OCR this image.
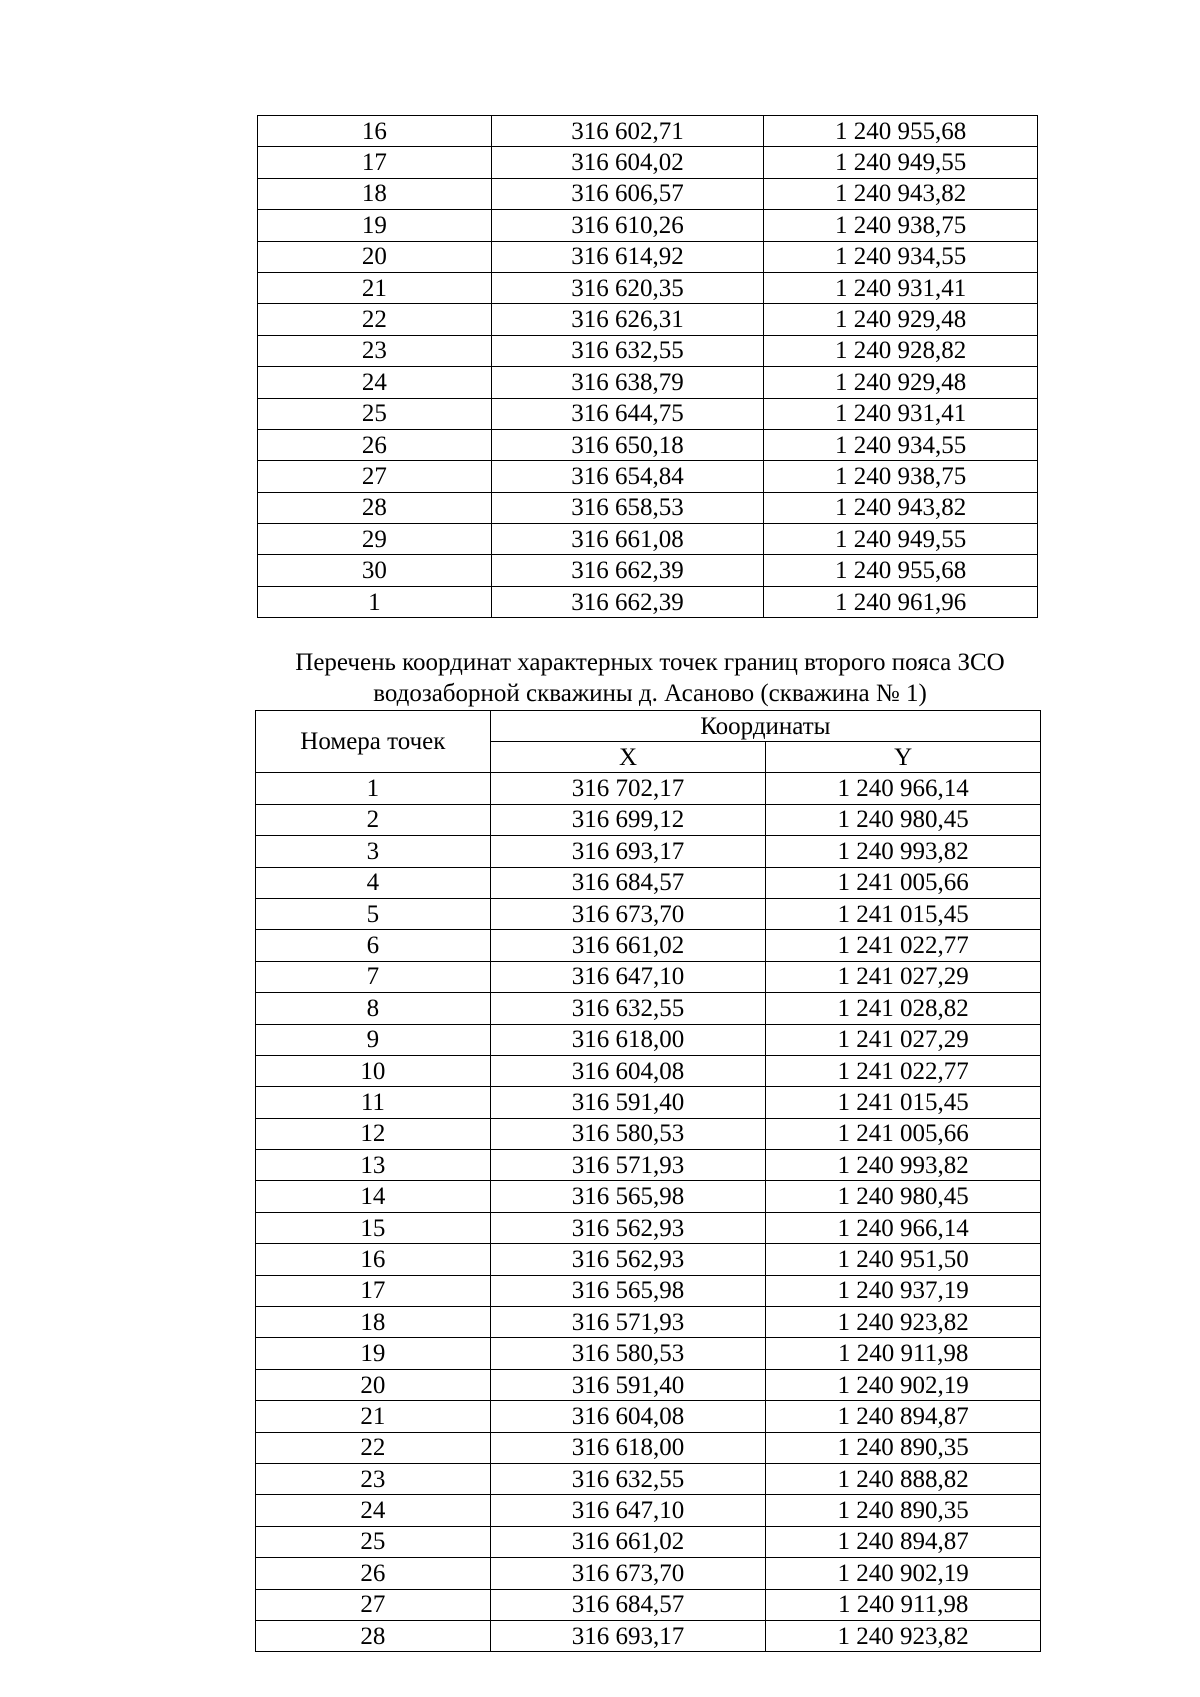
16	316 602,71	1 240 955,68
17	316 604,02	1 240 949,55
18	316 606,57	1 240 943,82
19	316 610,26	1 240 938,75
20	316 614,92	1 240 934,55
21	316 620,35	1 240 931,41
22	316 626,31	1 240 929,48
23	316 632,55	1 240 928,82
24	316 638,79	1 240 929,48
25	316 644,75	1 240 931,41
26	316 650,18	1 240 934,55
27	316 654,84	1 240 938,75
28	316 658,53	1 240 943,82
29	316 661,08	1 240 949,55
30	316 662,39	1 240 955,68
1	316 662,39	1 240 961,96
Перечень координат характерных точек границ второго пояса ЗСО
водозаборной скважины д. Асаново (скважина № 1)
Номера точек	Координаты	
	X	Y
1	316 702,17	1 240 966,14
2	316 699,12	1 240 980,45
3	316 693,17	1 240 993,82
4	316 684,57	1 241 005,66
5	316 673,70	1 241 015,45
6	316 661,02	1 241 022,77
7	316 647,10	1 241 027,29
8	316 632,55	1 241 028,82
9	316 618,00	1 241 027,29
10	316 604,08	1 241 022,77
11	316 591,40	1 241 015,45
12	316 580,53	1 241 005,66
13	316 571,93	1 240 993,82
14	316 565,98	1 240 980,45
15	316 562,93	1 240 966,14
16	316 562,93	1 240 951,50
17	316 565,98	1 240 937,19
18	316 571,93	1 240 923,82
19	316 580,53	1 240 911,98
20	316 591,40	1 240 902,19
21	316 604,08	1 240 894,87
22	316 618,00	1 240 890,35
23	316 632,55	1 240 888,82
24	316 647,10	1 240 890,35
25	316 661,02	1 240 894,87
26	316 673,70	1 240 902,19
27	316 684,57	1 240 911,98
28	316 693,17	1 240 923,82
